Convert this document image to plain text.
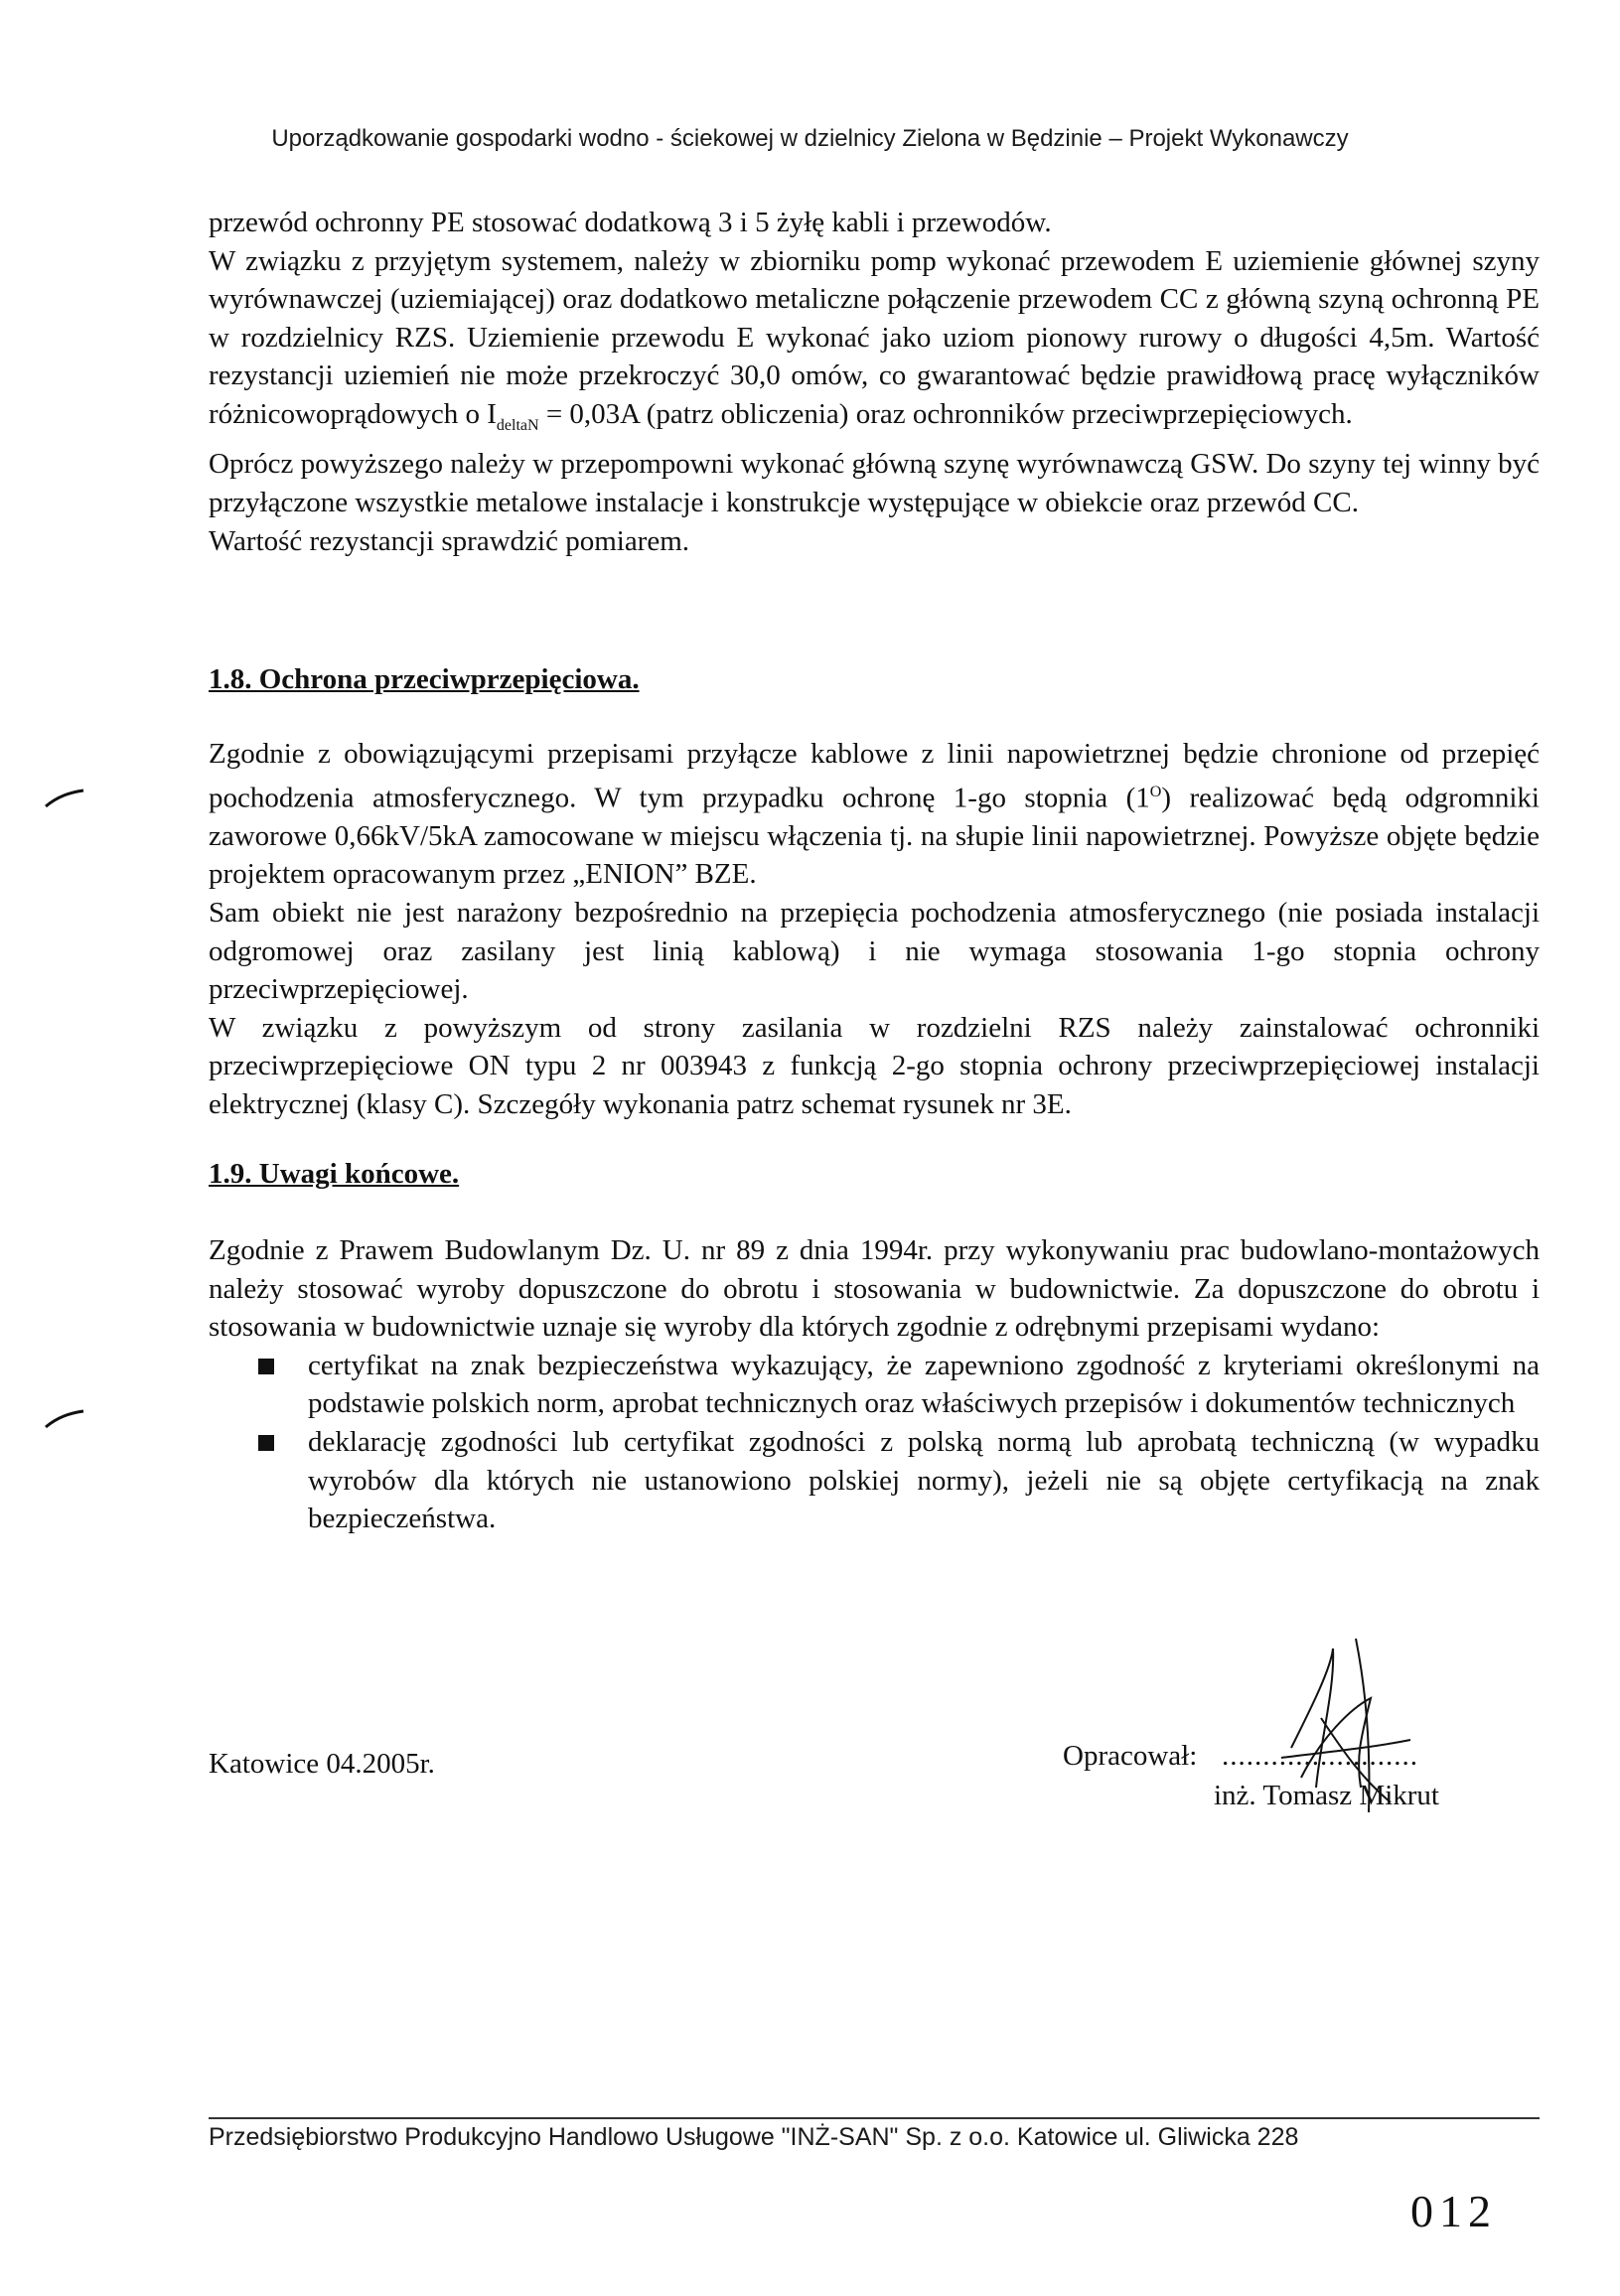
Uporządkowanie gospodarki wodno - ściekowej w dzielnicy Zielona w Będzinie – Projekt Wykonawczy

przewód ochronny PE stosować dodatkową 3 i 5 żyłę kabli i przewodów.

W związku z przyjętym systemem, należy w zbiorniku pomp wykonać przewodem E uziemienie głównej szyny wyrównawczej (uziemiającej) oraz dodatkowo metaliczne połączenie przewodem CC z główną szyną ochronną PE w rozdzielnicy RZS. Uziemienie przewodu E wykonać jako uziom pionowy rurowy o długości 4,5m. Wartość rezystancji uziemień nie może przekroczyć 30,0 omów, co gwarantować będzie prawidłową pracę wyłączników różnicowoprądowych o $I_{deltaN} = 0,03A$ (patrz obliczenia) oraz ochronników przeciwprzepięciowych.

Oprócz powyższego należy w przepompowni wykonać główną szynę wyrównawczą GSW. Do szyny tej winny być przyłączone wszystkie metalowe instalacje i konstrukcje występujące w obiekcie oraz przewód CC.

Wartość rezystancji sprawdzić pomiarem.

1.8. Ochrona przeciwprzepięciowa.

Zgodnie z obowiązującymi przepisami przyłącze kablowe z linii napowietrznej będzie chronione od przepięć pochodzenia atmosferycznego. W tym przypadku ochronę 1-go stopnia $(1^O)$ realizować będą odgromniki zaworowe 0,66kV/5kA zamocowane w miejscu włączenia tj. na słupie linii napowietrznej. Powyższe objęte będzie projektem opracowanym przez „ENION” BZE.

Sam obiekt nie jest narażony bezpośrednio na przepięcia pochodzenia atmosferycznego (nie posiada instalacji odgromowej oraz zasilany jest linią kablową) i nie wymaga stosowania 1-go stopnia ochrony przeciwprzepięciowej.

W związku z powyższym od strony zasilania w rozdzielni RZS należy zainstalować ochronniki przeciwprzepięciowe ON typu 2 nr 003943 z funkcją 2-go stopnia ochrony przeciwprzepięciowej instalacji elektrycznej (klasy C). Szczegóły wykonania patrz schemat rysunek nr 3E.

1.9. Uwagi końcowe.

Zgodnie z Prawem Budowlanym Dz. U. nr 89 z dnia 1994r. przy wykonywaniu prac budowlano-montażowych należy stosować wyroby dopuszczone do obrotu i stosowania w budownictwie. Za dopuszczone do obrotu i stosowania w budownictwie uznaje się wyroby dla których zgodnie z odrębnymi przepisami wydano:

certyfikat na znak bezpieczeństwa wykazujący, że zapewniono zgodność z kryteriami określonymi na podstawie polskich norm, aprobat technicznych oraz właściwych przepisów i dokumentów technicznych
deklarację zgodności lub certyfikat zgodności z polską normą lub aprobatą techniczną (w wypadku wyrobów dla których nie ustanowiono polskiej normy), jeżeli nie są objęte certyfikacją na znak bezpieczeństwa.
Katowice 04.2005r.	Opracował: ........................
inż. Tomasz Mikrut
Przedsiębiorstwo Produkcyjno Handlowo Usługowe "INŻ-SAN" Sp. z o.o. Katowice ul. Gliwicka 228
012
